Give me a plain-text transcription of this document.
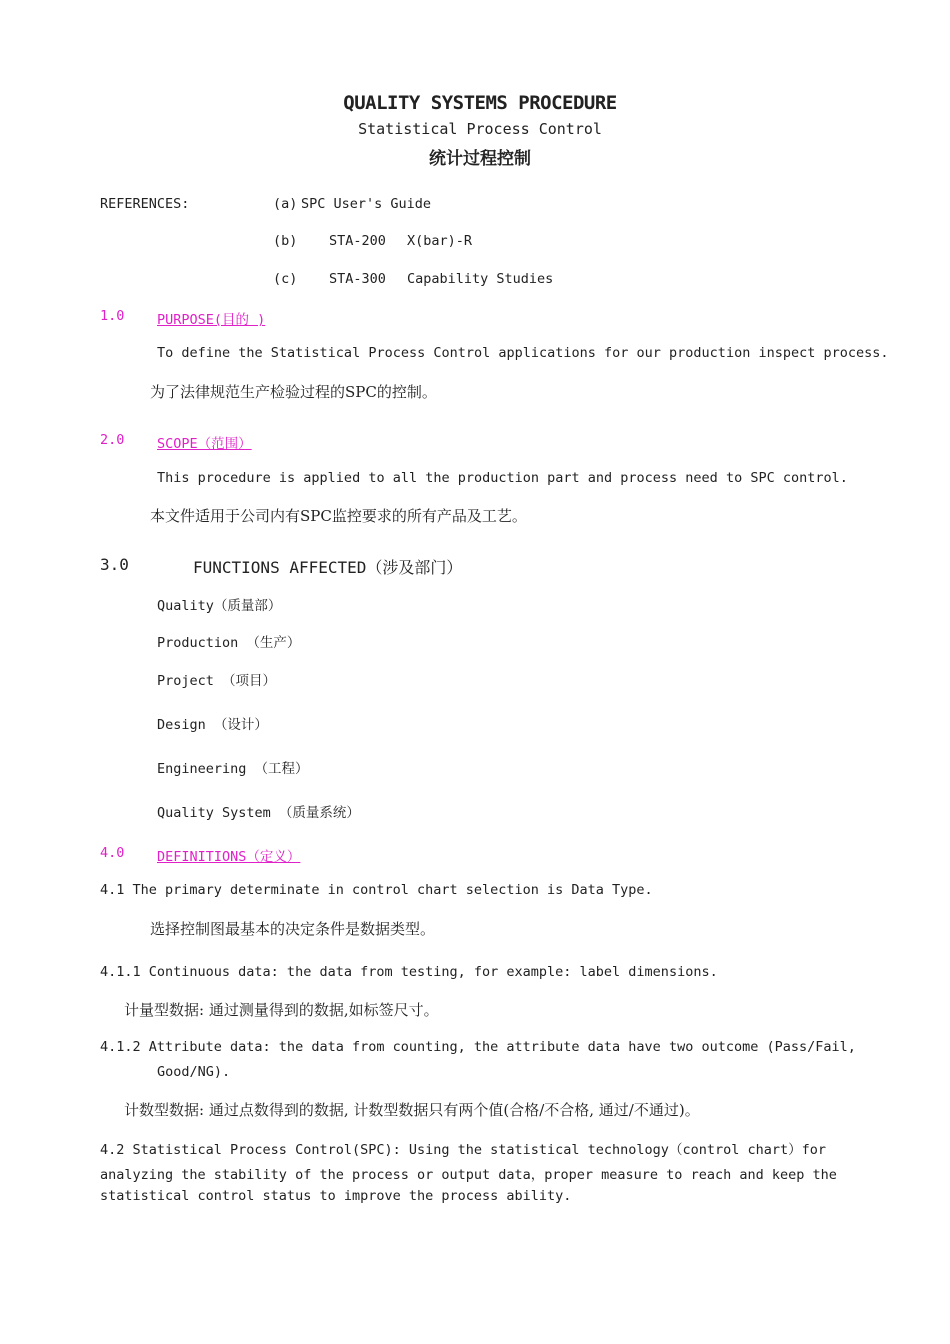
QUALITY SYSTEMS PROCEDURE
Statistical Process Control
统计过程控制
REFERENCES:	(a) SPC User's Guide
(b) STA-200 X(bar)-R
(c) STA-300 Capability Studies
1.0 PURPOSE(目的 )
To define the Statistical Process Control applications for our production inspect process.
为了法律规范生产检验过程的SPC的控制。
2.0 SCOPE（范围）
This procedure is applied to all the production part and process need to SPC control.
本文件适用于公司内有SPC监控要求的所有产品及工艺。
3.0	FUNCTIONS AFFECTED（涉及部门）
Quality（质量部）
Production （生产）
Project （项目）
Design （设计）
Engineering （工程）
Quality System （质量系统）
4.0 DEFINITIONS（定义）
4.1 The primary determinate in control chart selection is Data Type.
选择控制图最基本的决定条件是数据类型。
4.1.1 Continuous data: the data from testing, for example: label dimensions.
计量型数据: 通过测量得到的数据,如标签尺寸。
4.1.2 Attribute data: the data from counting, the attribute data have two outcome (Pass/Fail,
Good/NG).
计数型数据: 通过点数得到的数据, 计数型数据只有两个值(合格/不合格, 通过/不通过)。
4.2 Statistical Process Control(SPC): Using the statistical technology（control chart）for
analyzing the stability of the process or output data，proper measure to reach and keep the
statistical control status to improve the process ability.
